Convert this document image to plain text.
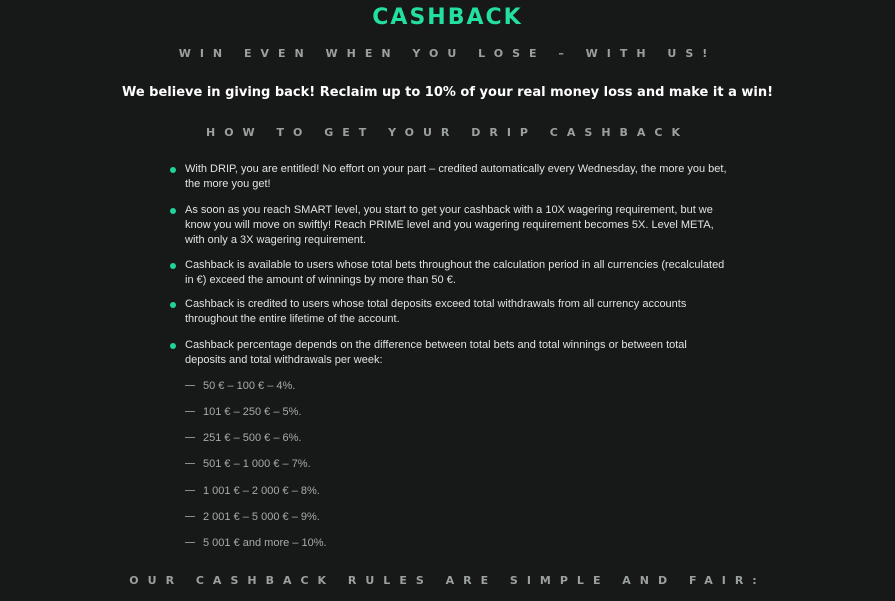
CASHBACK
WIN EVEN WHEN YOU LOSE – WITH US!
We believe in giving back! Reclaim up to 10% of your real money loss and make it a win!
HOW TO GET YOUR DRIP CASHBACK
With DRIP, you are entitled! No effort on your part – credited automatically every Wednesday, the more you bet, the more you get!
As soon as you reach SMART level, you start to get your cashback with a 10X wagering requirement, but we know you will move on swiftly! Reach PRIME level and you wagering requirement becomes 5X. Level META, with only a 3X wagering requirement.
Cashback is available to users whose total bets throughout the calculation period in all currencies (recalculated in €) exceed the amount of winnings by more than 50 €.
Cashback is credited to users whose total deposits exceed total withdrawals from all currency accounts throughout the entire lifetime of the account.
Cashback percentage depends on the difference between total bets and total winnings or between total deposits and total withdrawals per week:
50 € – 100 € – 4%.
101 € – 250 € – 5%.
251 € – 500 € – 6%.
501 € – 1 000 € – 7%.
1 001 € – 2 000 € – 8%.
2 001 € – 5 000 € – 9%.
5 001 € and more – 10%.
OUR CASHBACK RULES ARE SIMPLE AND FAIR:
